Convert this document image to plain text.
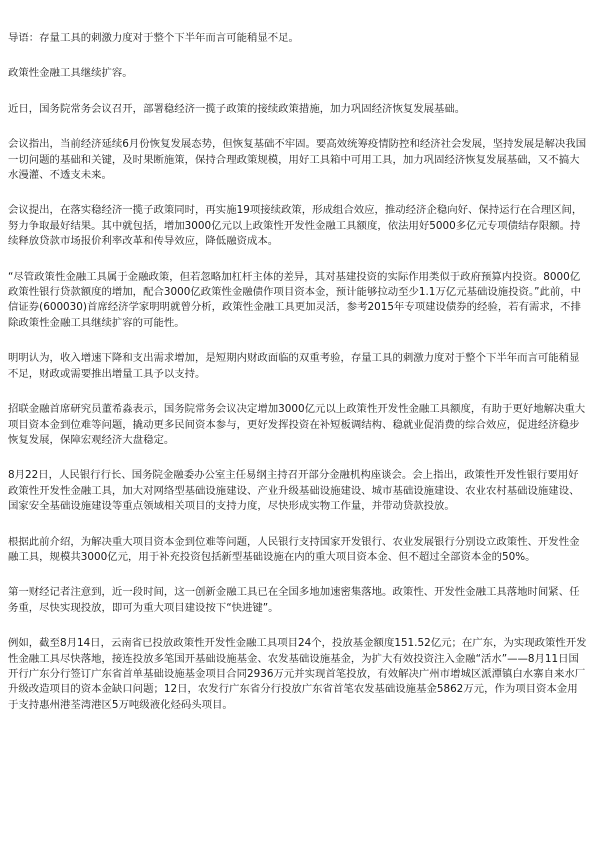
导语：存量工具的刺激力度对于整个下半年而言可能稍显不足。

政策性金融工具继续扩容。

近日，国务院常务会议召开，部署稳经济一揽子政策的接续政策措施，加力巩固经济恢复发展基础。

会议指出，当前经济延续6月份恢复发展态势，但恢复基础不牢固。要高效统筹疫情防控和经济社会发展，坚持发展是解决我国一切问题的基础和关键，及时果断施策，保持合理政策规模，用好工具箱中可用工具，加力巩固经济恢复发展基础，又不搞大水漫灌、不透支未来。

会议提出，在落实稳经济一揽子政策同时，再实施19项接续政策，形成组合效应，推动经济企稳向好、保持运行在合理区间，努力争取最好结果。其中就包括，增加3000亿元以上政策性开发性金融工具额度，依法用好5000多亿元专项债结存限额。持续释放贷款市场报价利率改革和传导效应，降低融资成本。

“尽管政策性金融工具属于金融政策，但若忽略加杠杆主体的差异，其对基建投资的实际作用类似于政府预算内投资。8000亿政策性银行贷款额度的增加，配合3000亿政策性金融债作项目资本金，预计能够拉动至少1.1万亿元基础设施投资。”此前，中信证券(600030)首席经济学家明明就曾分析，政策性金融工具更加灵活，参考2015年专项建设债券的经验，若有需求，不排除政策性金融工具继续扩容的可能性。

明明认为，收入增速下降和支出需求增加，是短期内财政面临的双重考验，存量工具的刺激力度对于整个下半年而言可能稍显不足，财政或需要推出增量工具予以支持。

招联金融首席研究员董希淼表示，国务院常务会议决定增加3000亿元以上政策性开发性金融工具额度，有助于更好地解决重大项目资本金到位难等问题，撬动更多民间资本参与，更好发挥投资在补短板调结构、稳就业促消费的综合效应，促进经济稳步恢复发展，保障宏观经济大盘稳定。

8月22日，人民银行行长、国务院金融委办公室主任易纲主持召开部分金融机构座谈会。会上指出，政策性开发性银行要用好政策性开发性金融工具，加大对网络型基础设施建设、产业升级基础设施建设、城市基础设施建设、农业农村基础设施建设、国家安全基础设施建设等重点领域相关项目的支持力度，尽快形成实物工作量，并带动贷款投放。

根据此前介绍，为解决重大项目资本金到位难等问题，人民银行支持国家开发银行、农业发展银行分别设立政策性、开发性金融工具，规模共3000亿元，用于补充投资包括新型基础设施在内的重大项目资本金、但不超过全部资本金的50%。

第一财经记者注意到，近一段时间，这一创新金融工具已在全国多地加速密集落地。政策性、开发性金融工具落地时间紧、任务重，尽快实现投放，即可为重大项目建设按下“快进键”。

例如，截至8月14日，云南省已投放政策性开发性金融工具项目24个，投放基金额度151.52亿元；在广东，为实现政策性开发性金融工具尽快落地，接连投放多笔国开基础设施基金、农发基础设施基金，为扩大有效投资注入金融“活水”——8月11日国开行广东分行签订广东省首单基础设施基金项目合同2936万元并实现首笔投放，有效解决广州市增城区派潭镇白水寨自来水厂升级改造项目的资本金缺口问题；12日，农发行广东省分行投放广东省首笔农发基础设施基金5862万元，作为项目资本金用于支持惠州港荃湾港区5万吨级液化烃码头项目。
